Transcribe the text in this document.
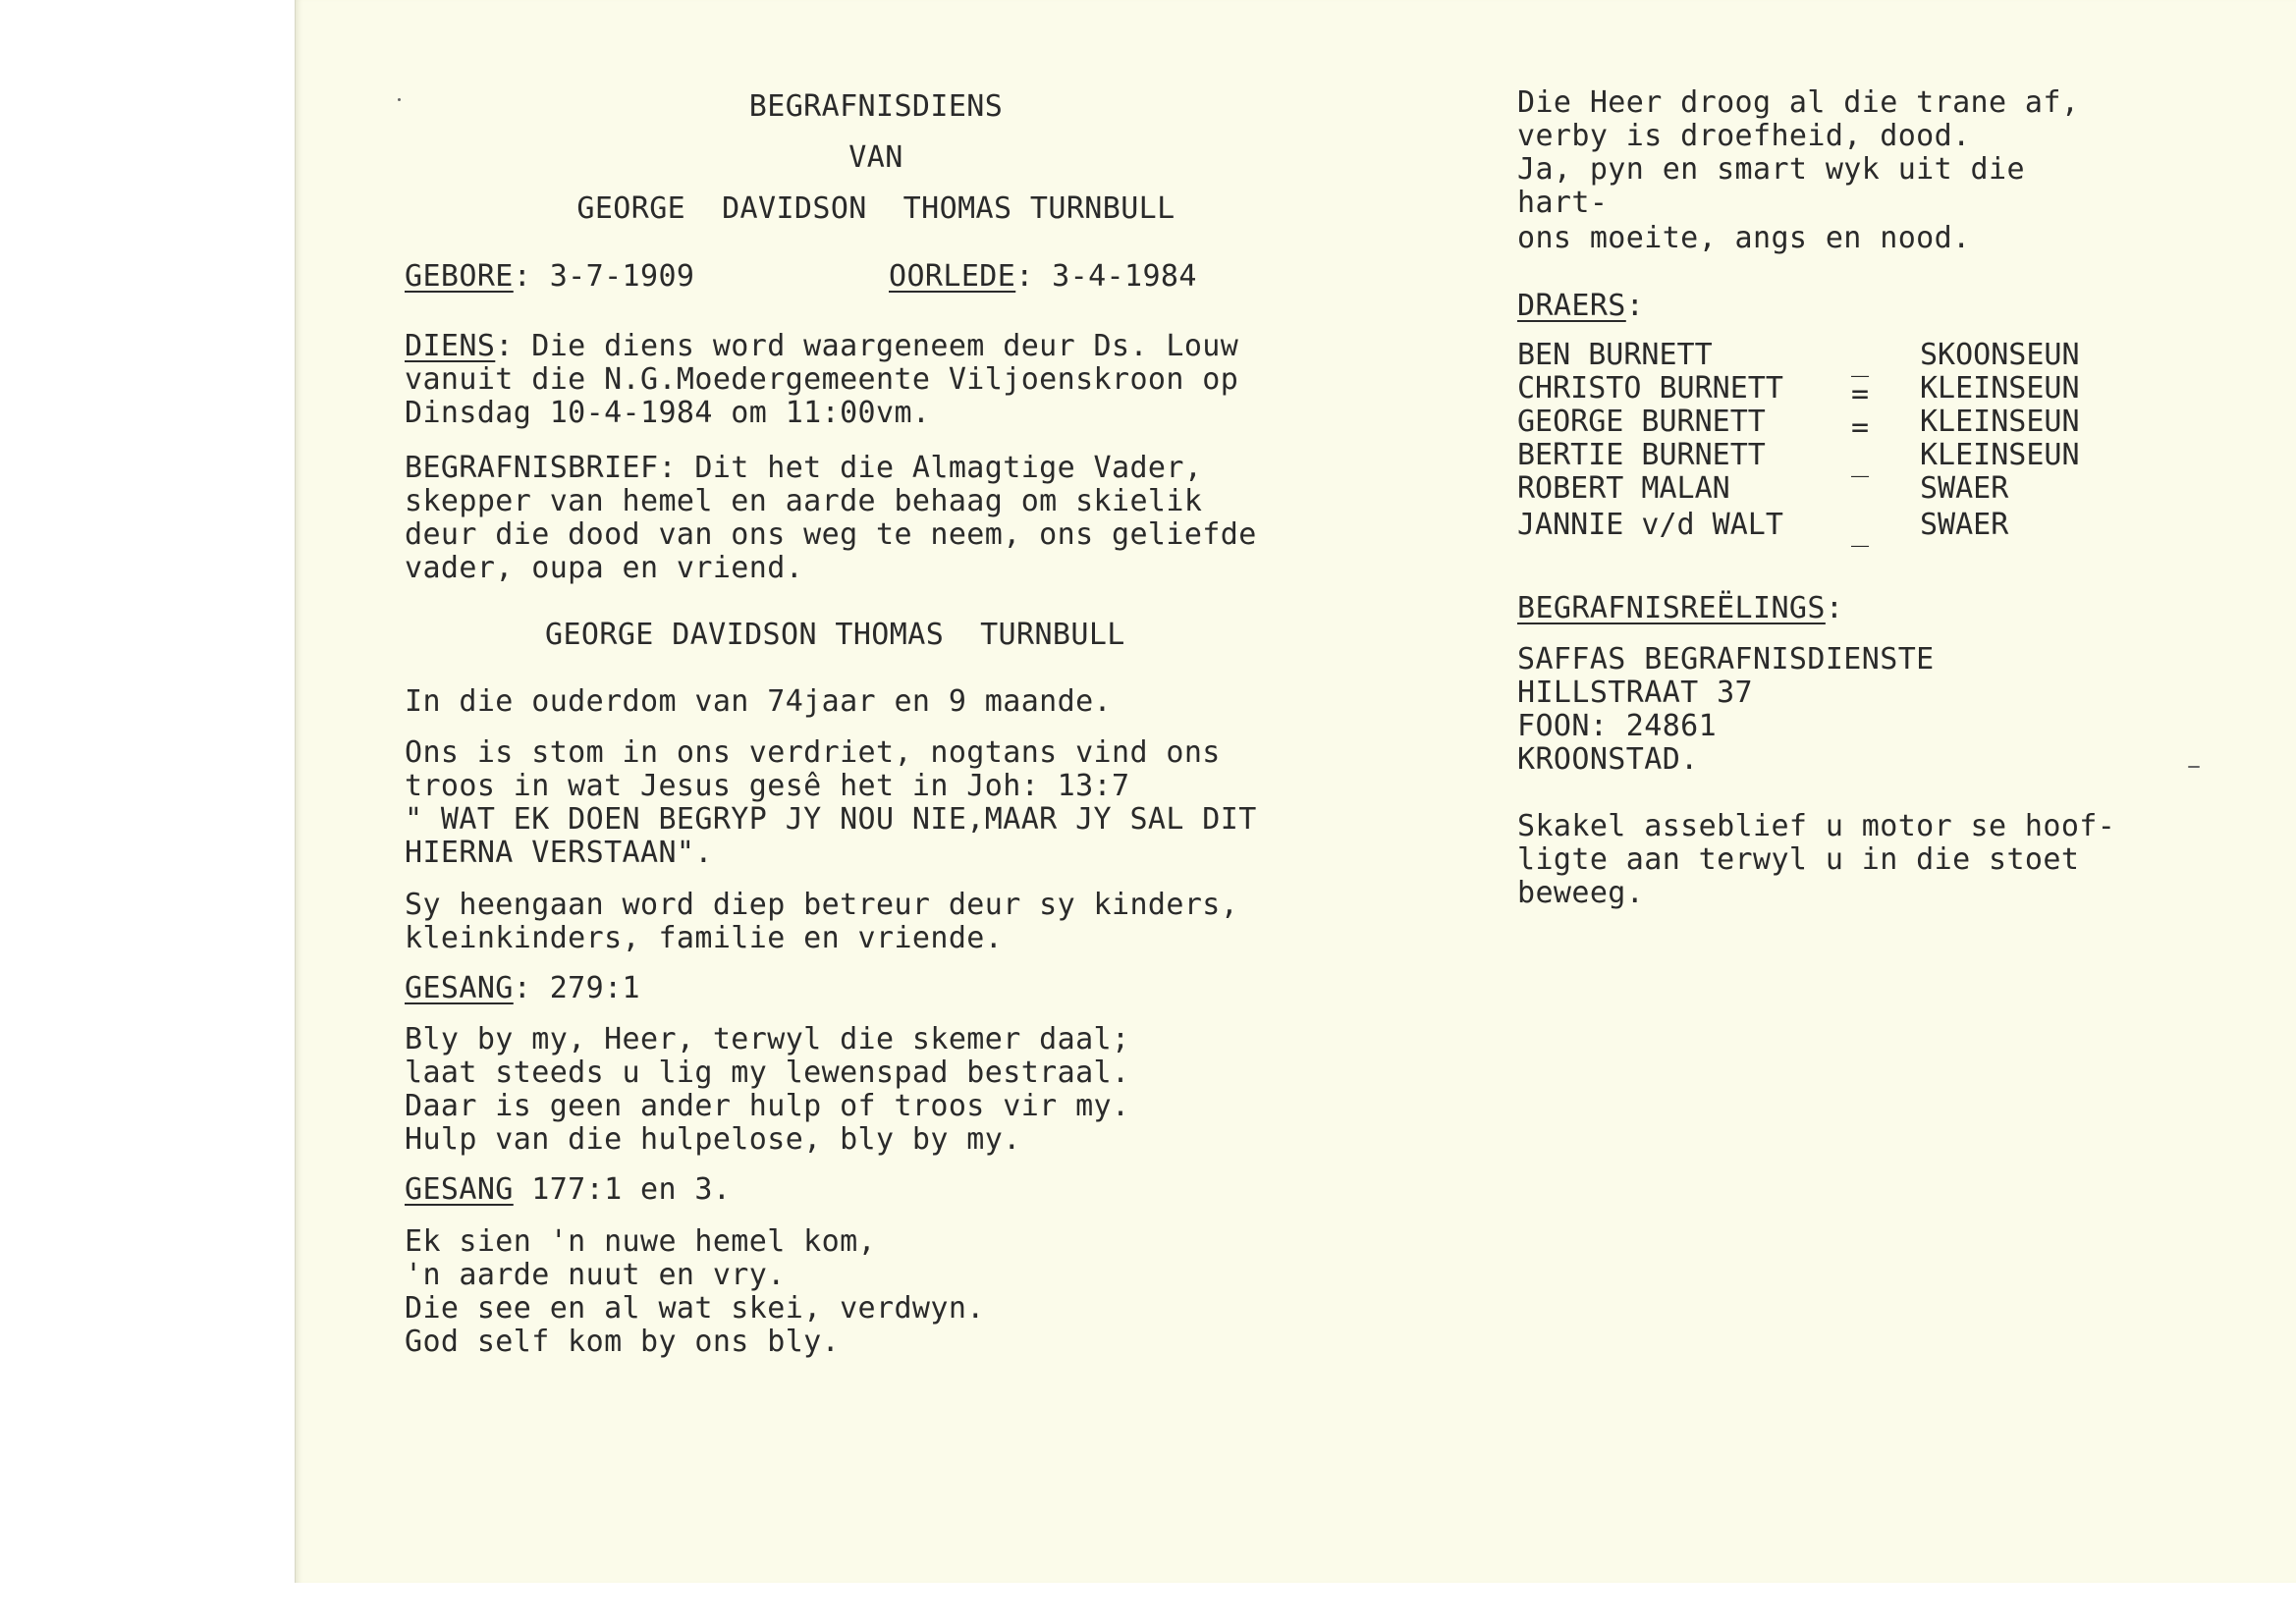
BEGRAFNISDIENS

VAN

GEORGE  DAVIDSON  THOMAS TURNBULL

GEBORE: 3-7-1909	OORLEDE: 3-4-1984

DIENS: Die diens word waargeneem deur Ds. Louw

vanuit die N.G.Moedergemeente Viljoenskroon op

Dinsdag 10-4-1984 om 11:00vm.

BEGRAFNISBRIEF: Dit het die Almagtige Vader,

skepper van hemel en aarde behaag om skielik

deur die dood van ons weg te neem, ons geliefde

vader, oupa en vriend.

GEORGE DAVIDSON THOMAS  TURNBULL

In die ouderdom van 74jaar en 9 maande.

Ons is stom in ons verdriet, nogtans vind ons

troos in wat Jesus gesê het in Joh: 13:7

" WAT EK DOEN BEGRYP JY NOU NIE,MAAR JY SAL DIT

HIERNA VERSTAAN".

Sy heengaan word diep betreur deur sy kinders,

kleinkinders, familie en vriende.

GESANG: 279:1

Bly by my, Heer, terwyl die skemer daal;

laat steeds u lig my lewenspad bestraal.

Daar is geen ander hulp of troos vir my.

Hulp van die hulpelose, bly by my.

GESANG 177:1 en 3.

Ek sien 'n nuwe hemel kom,

'n aarde nuut en vry.

Die see en al wat skei, verdwyn.

God self kom by ons bly.

Die Heer droog al die trane af,

verby is droefheid, dood.

Ja, pyn en smart wyk uit die

hart-

ons moeite, angs en nood.

DRAERS:

BEN BURNETT	_ SKOONSEUN
CHRISTO BURNETT = KLEINSEUN
GEORGE BURNETT	= KLEINSEUN
BERTIE BURNETT	_ KLEINSEUN
ROBERT MALAN	SWAER
JANNIE v/d WALT _ SWAER

BEGRAFNISREËLINGS:

SAFFAS BEGRAFNISDIENSTE

HILLSTRAAT 37

FOON: 24861

KROONSTAD.

Skakel asseblief u motor se hoof-

ligte aan terwyl u in die stoet

beweeg.
